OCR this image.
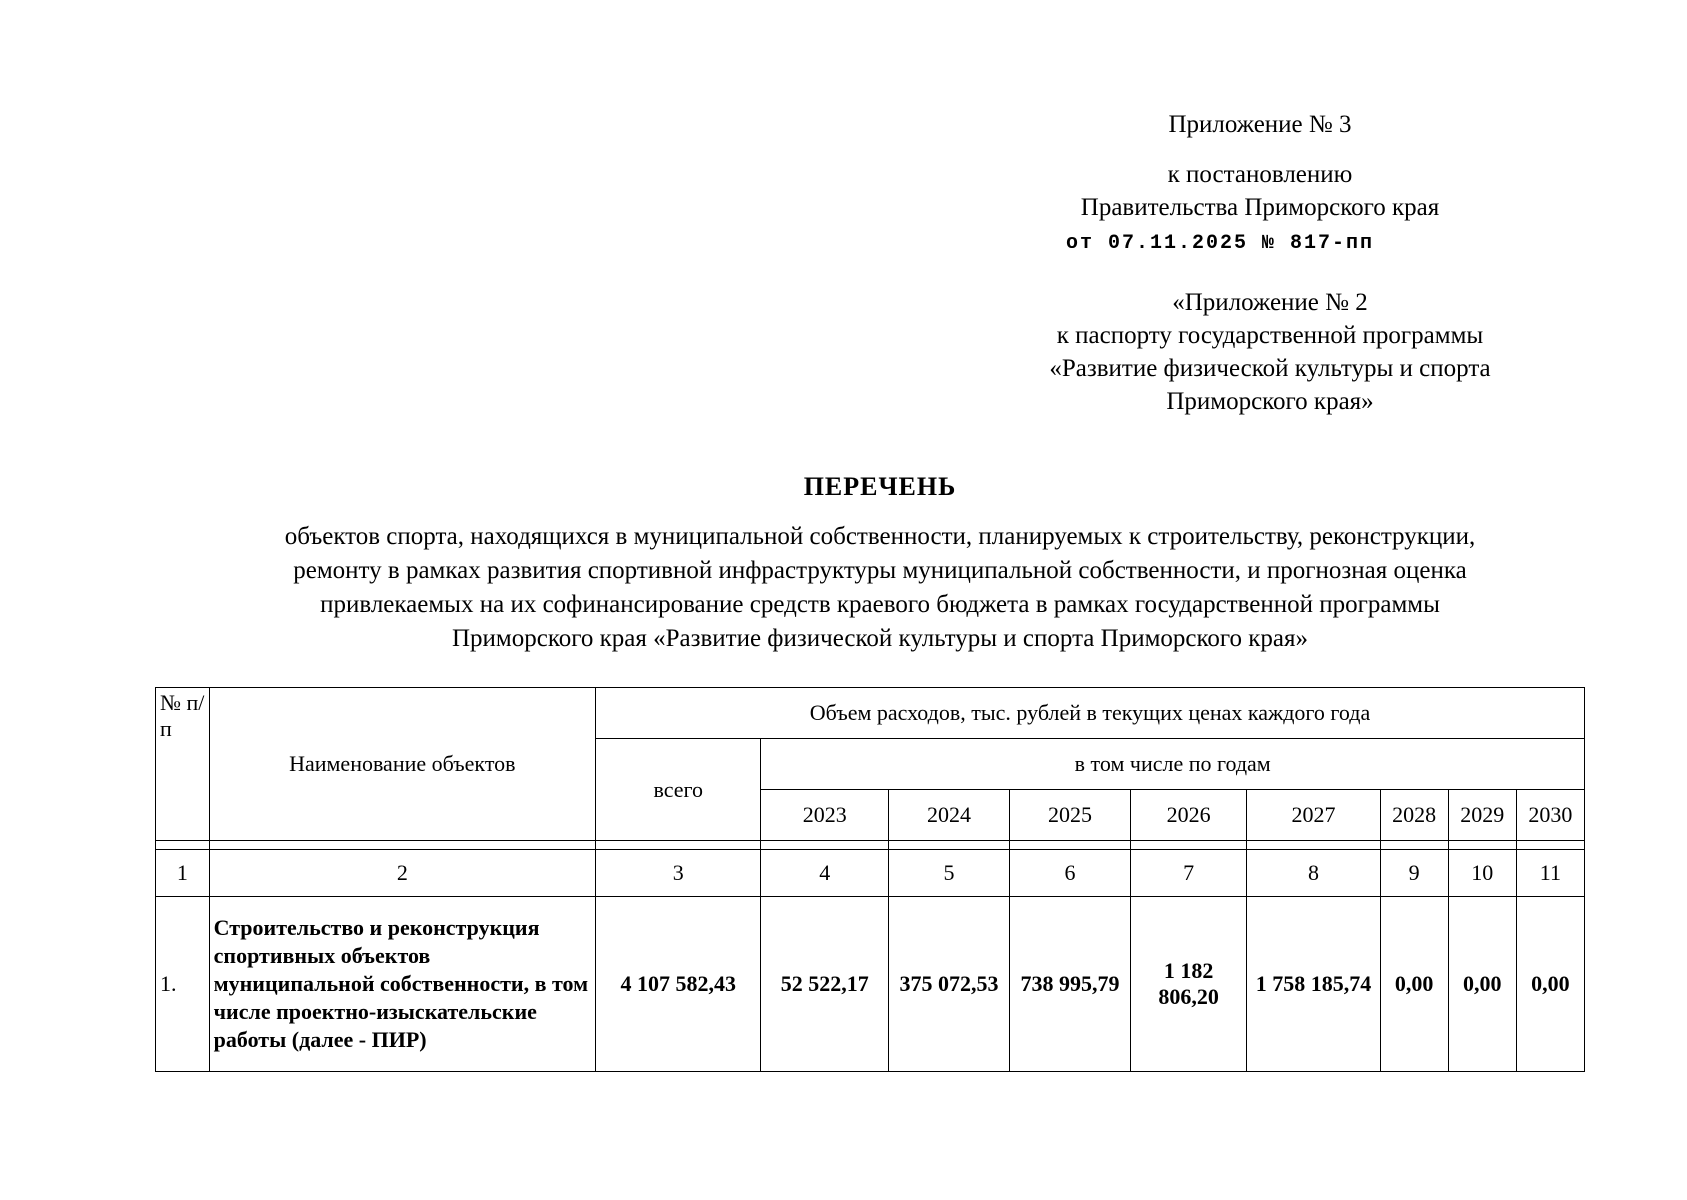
Приложение № 3
к постановлению
Правительства Приморского края
от 07.11.2025 № 817-пп
«Приложение № 2
к паспорту государственной программы
«Развитие физической культуры и спорта
Приморского края»
ПЕРЕЧЕНЬ
объектов спорта, находящихся в муниципальной собственности, планируемых к строительству, реконструкции,
ремонту в рамках развития спортивной инфраструктуры муниципальной собственности, и прогнозная оценка
привлекаемых на их софинансирование средств краевого бюджета в рамках государственной программы
Приморского края «Развитие физической культуры и спорта Приморского края»
№ п/п	Наименование объектов	Объем расходов, тыс. рублей в текущих ценах каждого года								
		всего	в том числе по годам							
			2023	2024	2025	2026	2027	2028	2029	2030

1	2	3	4	5	6	7	8	9	10	11
1.	Строительство и реконструкция спортивных объектов муниципальной собственности, в том числе проектно-изыскательские работы (далее - ПИР)	4 107 582,43	52 522,17	375 072,53	738 995,79	1 182 806,20	1 758 185,74	0,00	0,00	0,00
